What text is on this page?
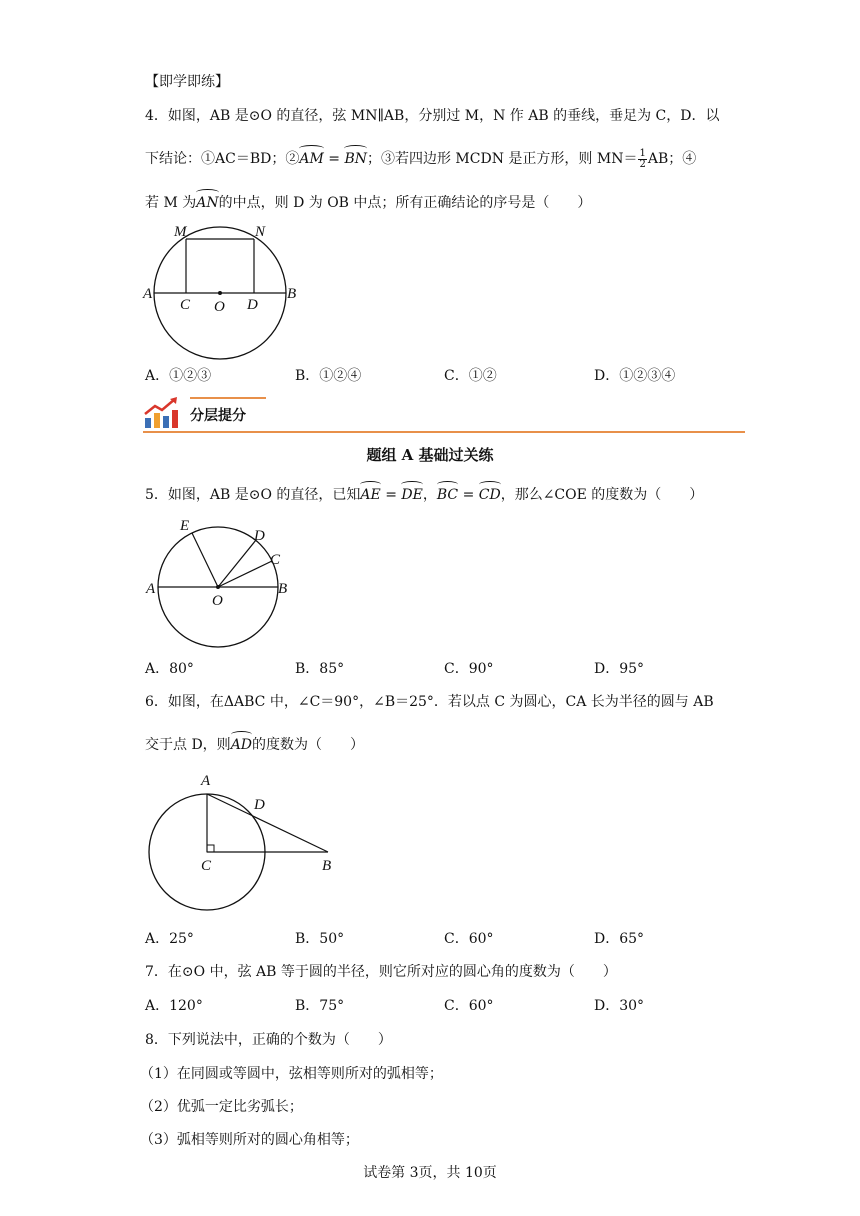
【即学即练】
4．如图，AB 是⊙O 的直径，弦 MN∥AB，分别过 M，N 作 AB 的垂线，垂足为 C，D．以
下结论：①AC＝BD；②AM = BN；③若四边形 MCDN 是正方形，则 $MN= \frac{1}{2}$ AB；④
若 M 为AN的中点，则 D 为 OB 中点；所有正确结论的序号是（　　）
M	N
A	B
C O D
A．①②③	B．①②④	C．①②	D．①②③④
分层提分
题组 A 基础过关练
5．如图，AB 是⊙O 的直径，已知AE = DE，BC = CD，那么∠COE 的度数为（　　）
E
D
C
A
O
B
A．80°	B．85°	C．90°	D．95°
6．如图，在ΔABC 中，∠C＝90°，∠B＝25°．若以点 C 为圆心，CA 长为半径的圆与 AB
交于点 D，则AD的度数为（　　）
A
D
C	B
A．25°	B．50°	C．60°	D．65°
7．在⊙O 中，弦 AB 等于圆的半径，则它所对应的圆心角的度数为（　　）
A．120°	B．75°	C．60°	D．30°
8．下列说法中，正确的个数为（　　）
（1）在同圆或等圆中，弦相等则所对的弧相等；
（2）优弧一定比劣弧长；
（3）弧相等则所对的圆心角相等；
试卷第 3页，共 10页
